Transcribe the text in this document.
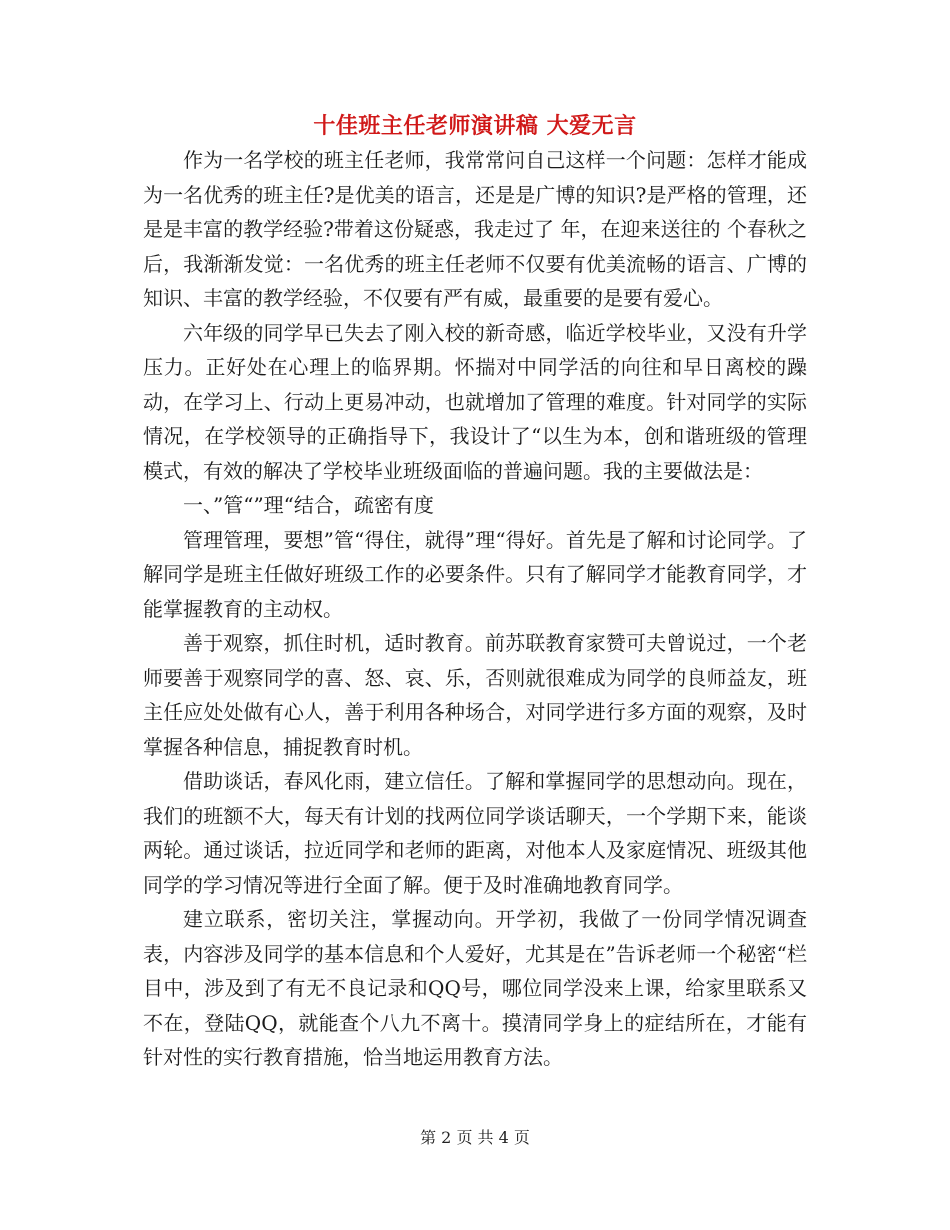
十佳班主任老师演讲稿 大爱无言

作为一名学校的班主任老师，我常常问自己这样一个问题：怎样才能成为一名优秀的班主任?是优美的语言，还是是广博的知识?是严格的管理，还是是丰富的教学经验?带着这份疑惑，我走过了 年，在迎来送往的 个春秋之后，我渐渐发觉：一名优秀的班主任老师不仅要有优美流畅的语言、广博的知识、丰富的教学经验，不仅要有严有威，最重要的是要有爱心。

六年级的同学早已失去了刚入校的新奇感，临近学校毕业，又没有升学压力。正好处在心理上的临界期。怀揣对中同学活的向往和早日离校的躁动，在学习上、行动上更易冲动，也就增加了管理的难度。针对同学的实际情况，在学校领导的正确指导下，我设计了“以生为本，创和谐班级的管理模式，有效的解决了学校毕业班级面临的普遍问题。我的主要做法是：

一、”管“”理“结合，疏密有度

管理管理，要想”管“得住，就得”理“得好。首先是了解和讨论同学。了解同学是班主任做好班级工作的必要条件。只有了解同学才能教育同学，才能掌握教育的主动权。

善于观察，抓住时机，适时教育。前苏联教育家赞可夫曾说过，一个老师要善于观察同学的喜、怒、哀、乐，否则就很难成为同学的良师益友，班主任应处处做有心人，善于利用各种场合，对同学进行多方面的观察，及时掌握各种信息，捕捉教育时机。

借助谈话，春风化雨，建立信任。了解和掌握同学的思想动向。现在，我们的班额不大，每天有计划的找两位同学谈话聊天，一个学期下来，能谈两轮。通过谈话，拉近同学和老师的距离，对他本人及家庭情况、班级其他同学的学习情况等进行全面了解。便于及时准确地教育同学。

建立联系，密切关注，掌握动向。开学初，我做了一份同学情况调查表，内容涉及同学的基本信息和个人爱好，尤其是在”告诉老师一个秘密“栏目中，涉及到了有无不良记录和QQ号，哪位同学没来上课，给家里联系又不在，登陆QQ，就能查个八九不离十。摸清同学身上的症结所在，才能有针对性的实行教育措施，恰当地运用教育方法。

第 2 页 共 4 页
